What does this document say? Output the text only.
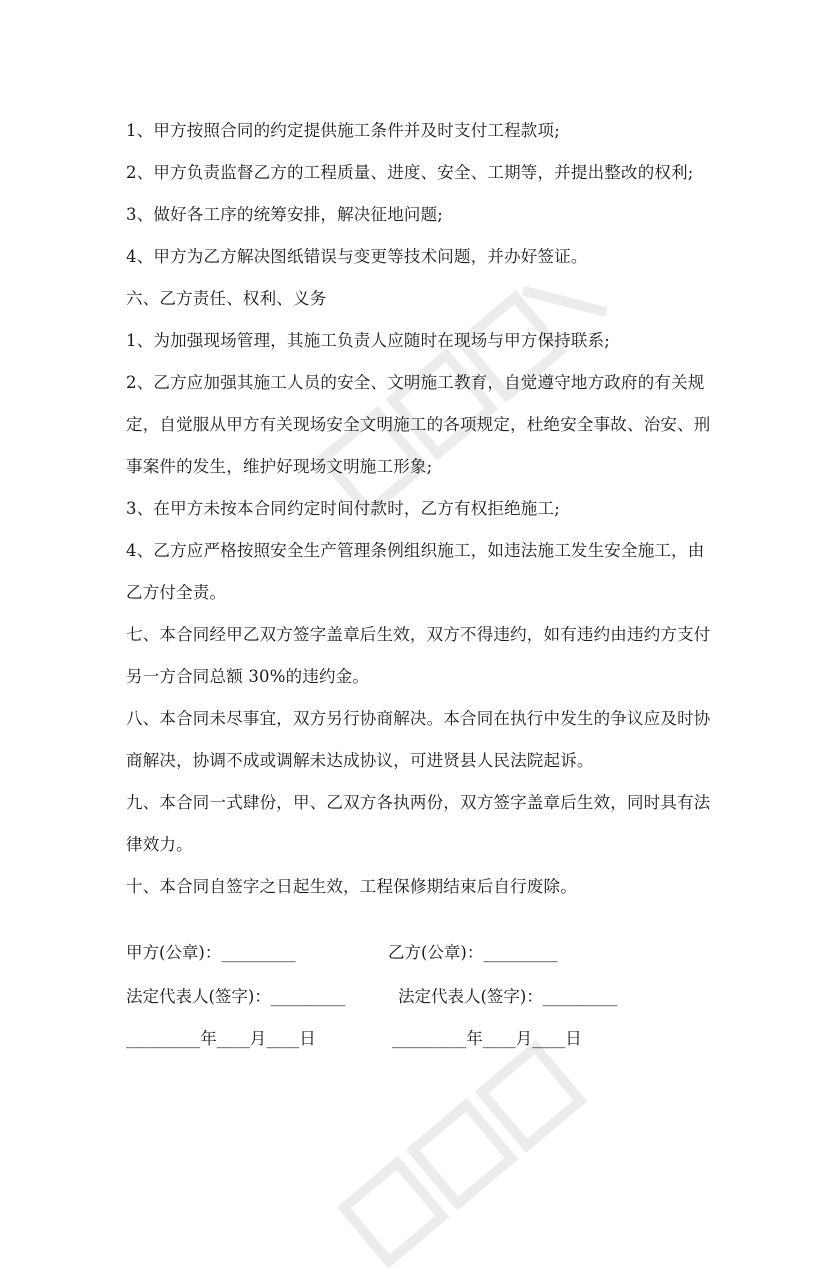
1、甲方按照合同的约定提供施工条件并及时支付工程款项;

2、甲方负责监督乙方的工程质量、进度、安全、工期等，并提出整改的权利;

3、做好各工序的统筹安排，解决征地问题;

4、甲方为乙方解决图纸错误与变更等技术问题，并办好签证。

六、乙方责任、权利、义务

1、为加强现场管理，其施工负责人应随时在现场与甲方保持联系;

2、乙方应加强其施工人员的安全、文明施工教育，自觉遵守地方政府的有关规定，自觉服从甲方有关现场安全文明施工的各项规定，杜绝安全事故、治安、刑事案件的发生，维护好现场文明施工形象;

3、在甲方未按本合同约定时间付款时，乙方有权拒绝施工;

4、乙方应严格按照安全生产管理条例组织施工，如违法施工发生安全施工，由乙方付全责。

七、本合同经甲乙双方签字盖章后生效，双方不得违约，如有违约由违约方支付另一方合同总额 30%的违约金。

八、本合同未尽事宜，双方另行协商解决。本合同在执行中发生的争议应及时协商解决，协调不成或调解未达成协议，可进贤县人民法院起诉。

九、本合同一式肆份，甲、乙双方各执两份，双方签字盖章后生效，同时具有法律效力。

十、本合同自签字之日起生效，工程保修期结束后自行废除。

甲方(公章)：_________	乙方(公章)：_________
法定代表人(签字)：_________	法定代表人(签字)：_________
_________年____月____日	_________年____月____日
